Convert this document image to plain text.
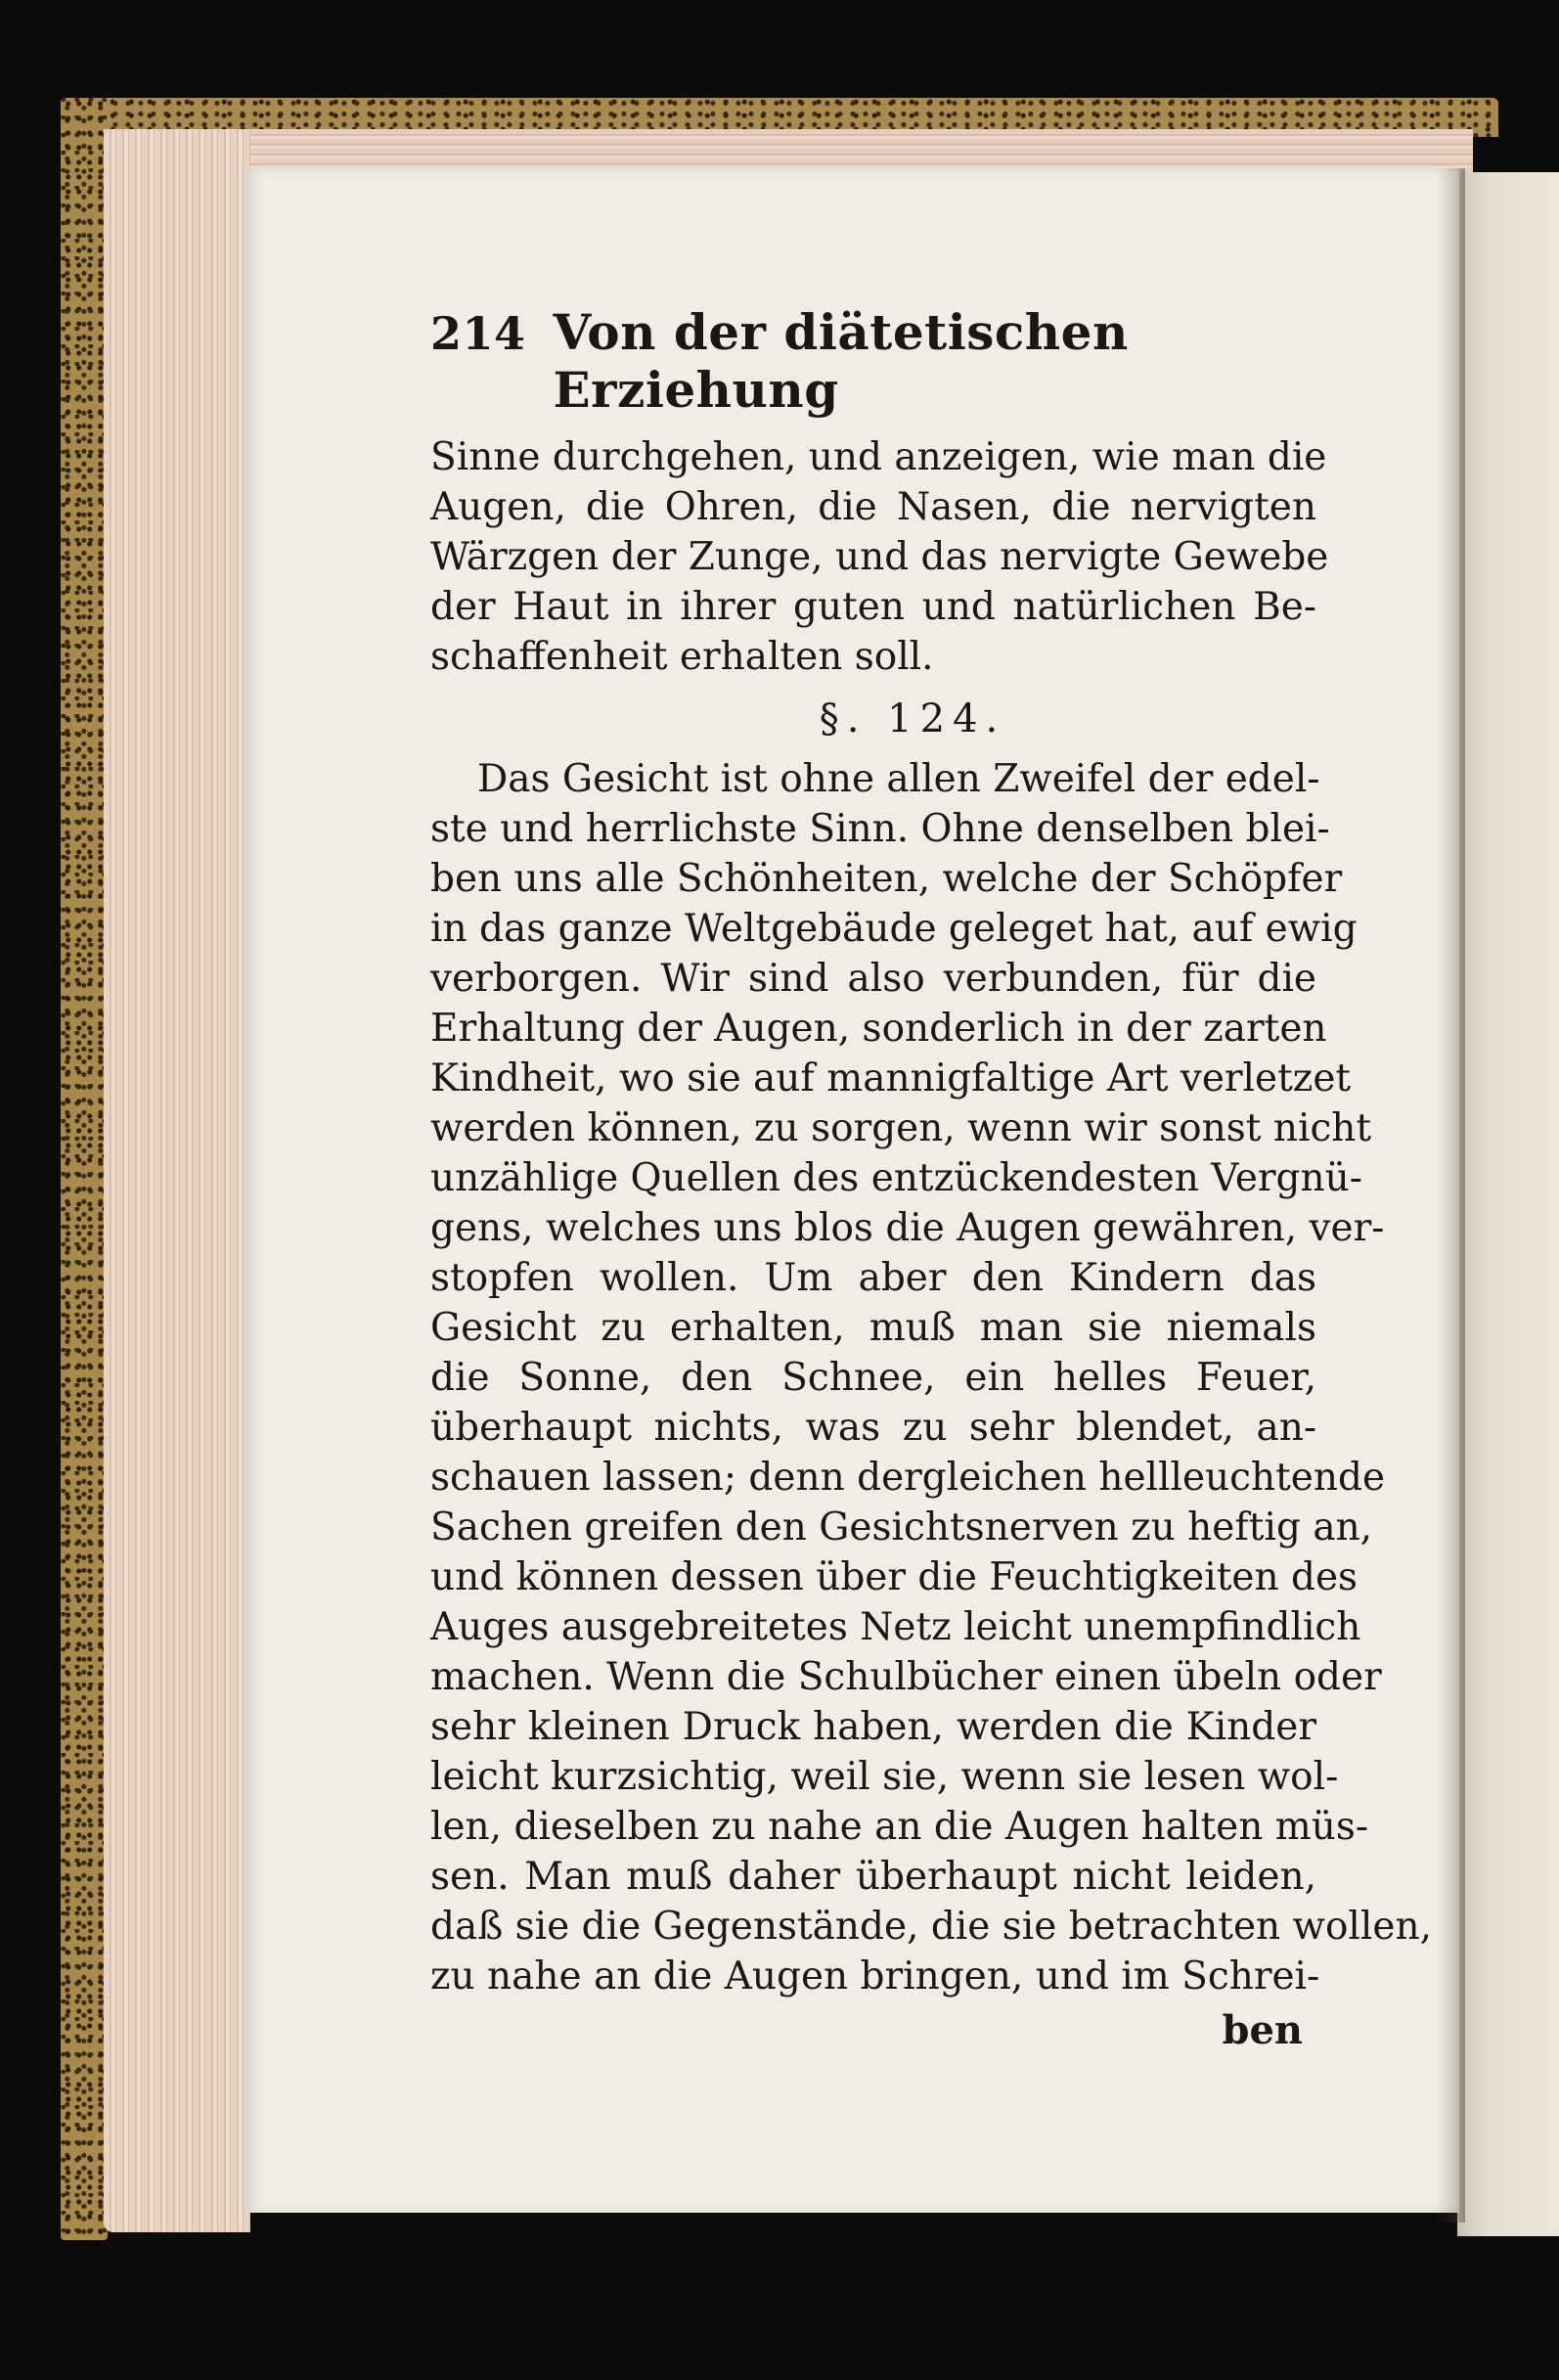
214 Von der diätetischen Erziehung
Sinne durchgehen, und anzeigen, wie man die
Augen, die Ohren, die Nasen, die nervigten
Wärzgen der Zunge, und das nervigte Gewebe
der Haut in ihrer guten und natürlichen Be-
schaffenheit erhalten soll.
§. 124.
Das Gesicht ist ohne allen Zweifel der edel-
ste und herrlichste Sinn. Ohne denselben blei-
ben uns alle Schönheiten, welche der Schöpfer
in das ganze Weltgebäude geleget hat, auf ewig
verborgen. Wir sind also verbunden, für die
Erhaltung der Augen, sonderlich in der zarten
Kindheit, wo sie auf mannigfaltige Art verletzet
werden können, zu sorgen, wenn wir sonst nicht
unzählige Quellen des entzückendesten Vergnü-
gens, welches uns blos die Augen gewähren, ver-
stopfen wollen. Um aber den Kindern das
Gesicht zu erhalten, muß man sie niemals
die Sonne, den Schnee, ein helles Feuer,
überhaupt nichts, was zu sehr blendet, an-
schauen lassen; denn dergleichen hellleuchtende
Sachen greifen den Gesichtsnerven zu heftig an,
und können dessen über die Feuchtigkeiten des
Auges ausgebreitetes Netz leicht unempfindlich
machen. Wenn die Schulbücher einen übeln oder
sehr kleinen Druck haben, werden die Kinder
leicht kurzsichtig, weil sie, wenn sie lesen wol-
len, dieselben zu nahe an die Augen halten müs-
sen. Man muß daher überhaupt nicht leiden,
daß sie die Gegenstände, die sie betrachten wollen,
zu nahe an die Augen bringen, und im Schrei-
ben
